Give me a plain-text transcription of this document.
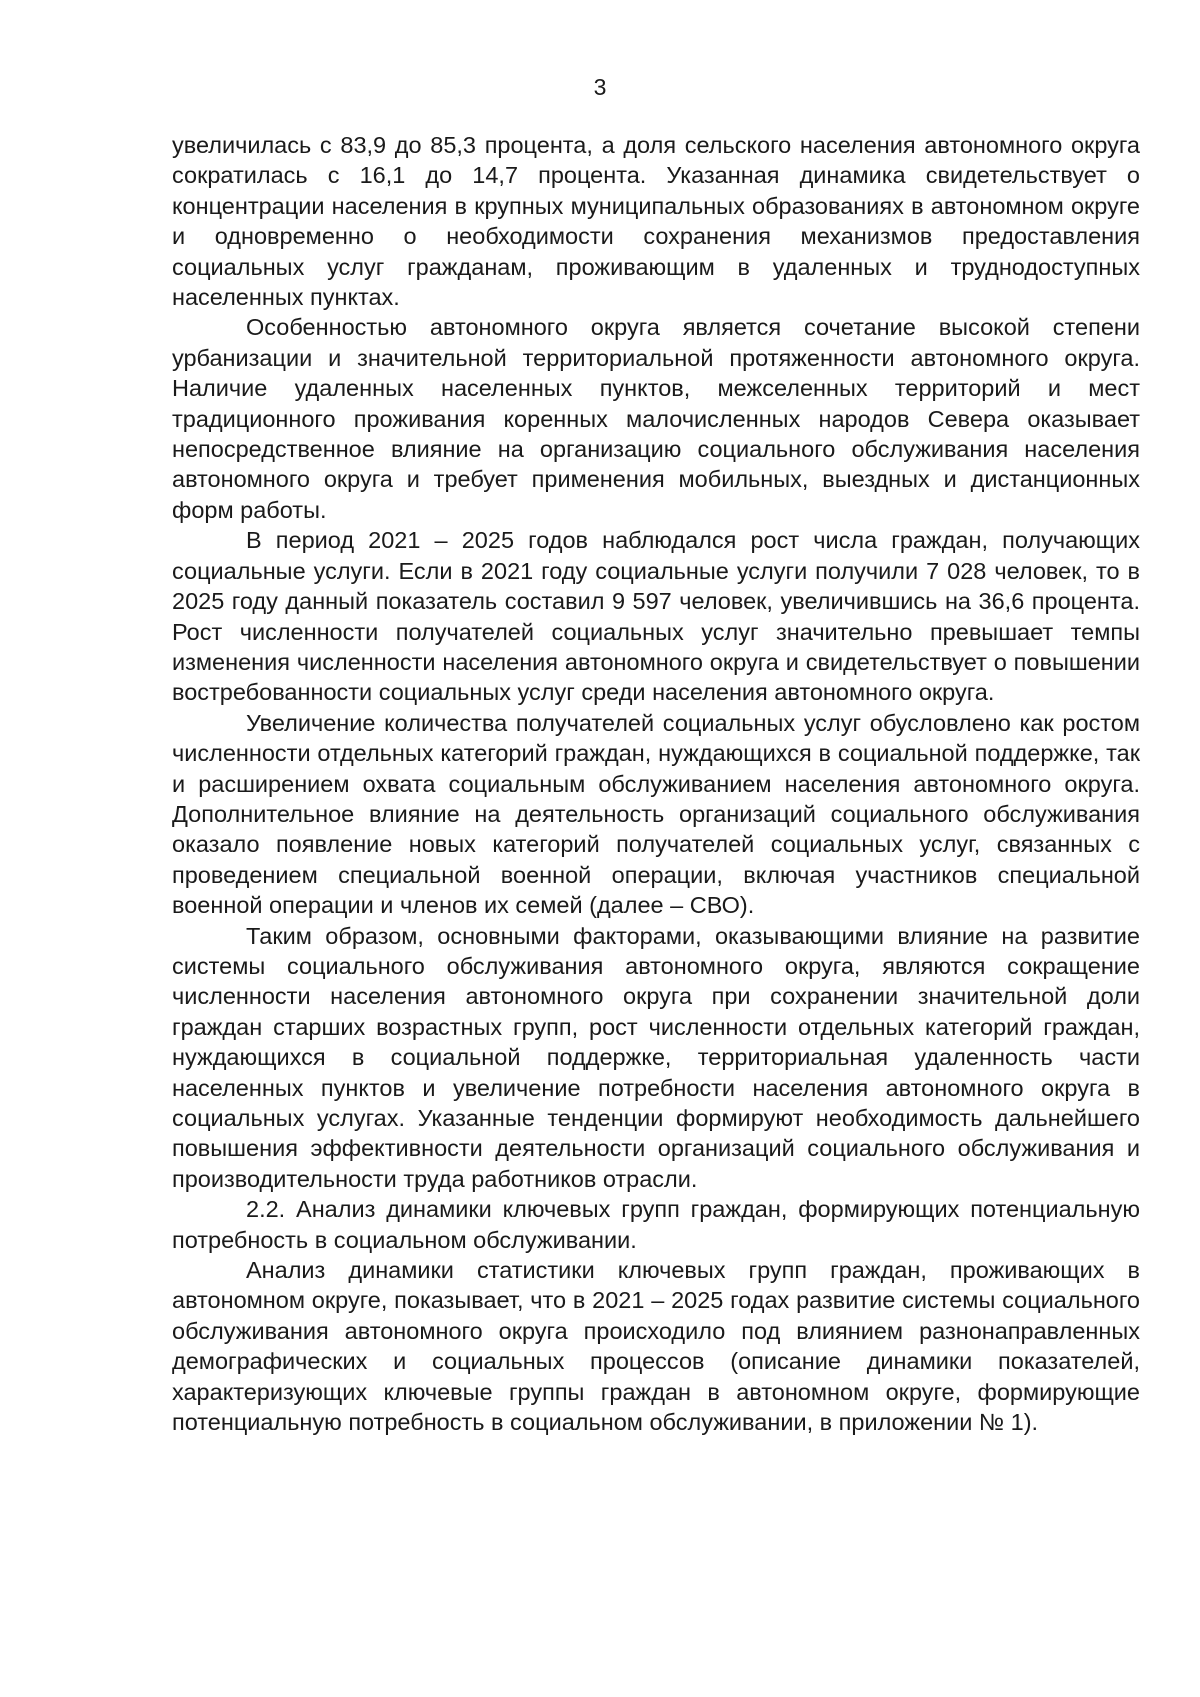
3

увеличилась с 83,9 до 85,3 процента, а доля сельского населения автономного округа сократилась с 16,1 до 14,7 процента. Указанная динамика свидетельствует о концентрации населения в крупных муниципальных образованиях в автономном округе и одновременно о необходимости сохранения механизмов предоставления социальных услуг гражданам, проживающим в удаленных и труднодоступных населенных пунктах.

Особенностью автономного округа является сочетание высокой степени урбанизации и значительной территориальной протяженности автономного округа. Наличие удаленных населенных пунктов, межселенных территорий и мест традиционного проживания коренных малочисленных народов Севера оказывает непосредственное влияние на организацию социального обслуживания населения автономного округа и требует применения мобильных, выездных и дистанционных форм работы.

В период 2021 – 2025 годов наблюдался рост числа граждан, получающих социальные услуги. Если в 2021 году социальные услуги получили 7 028 человек, то в 2025 году данный показатель составил 9 597 человек, увеличившись на 36,6 процента. Рост численности получателей социальных услуг значительно превышает темпы изменения численности населения автономного округа и свидетельствует о повышении востребованности социальных услуг среди населения автономного округа.

Увеличение количества получателей социальных услуг обусловлено как ростом численности отдельных категорий граждан, нуждающихся в социальной поддержке, так и расширением охвата социальным обслуживанием населения автономного округа. Дополнительное влияние на деятельность организаций социального обслуживания оказало появление новых категорий получателей социальных услуг, связанных с проведением специальной военной операции, включая участников специальной военной операции и членов их семей (далее – СВО).

Таким образом, основными факторами, оказывающими влияние на развитие системы социального обслуживания автономного округа, являются сокращение численности населения автономного округа при сохранении значительной доли граждан старших возрастных групп, рост численности отдельных категорий граждан, нуждающихся в социальной поддержке, территориальная удаленность части населенных пунктов и увеличение потребности населения автономного округа в социальных услугах. Указанные тенденции формируют необходимость дальнейшего повышения эффективности деятельности организаций социального обслуживания и производительности труда работников отрасли.

2.2. Анализ динамики ключевых групп граждан, формирующих потенциальную потребность в социальном обслуживании.

Анализ динамики статистики ключевых групп граждан, проживающих в автономном округе, показывает, что в 2021 – 2025 годах развитие системы социального обслуживания автономного округа происходило под влиянием разнонаправленных демографических и социальных процессов (описание динамики показателей, характеризующих ключевые группы граждан в автономном округе, формирующие потенциальную потребность в социальном обслуживании, в приложении № 1).
